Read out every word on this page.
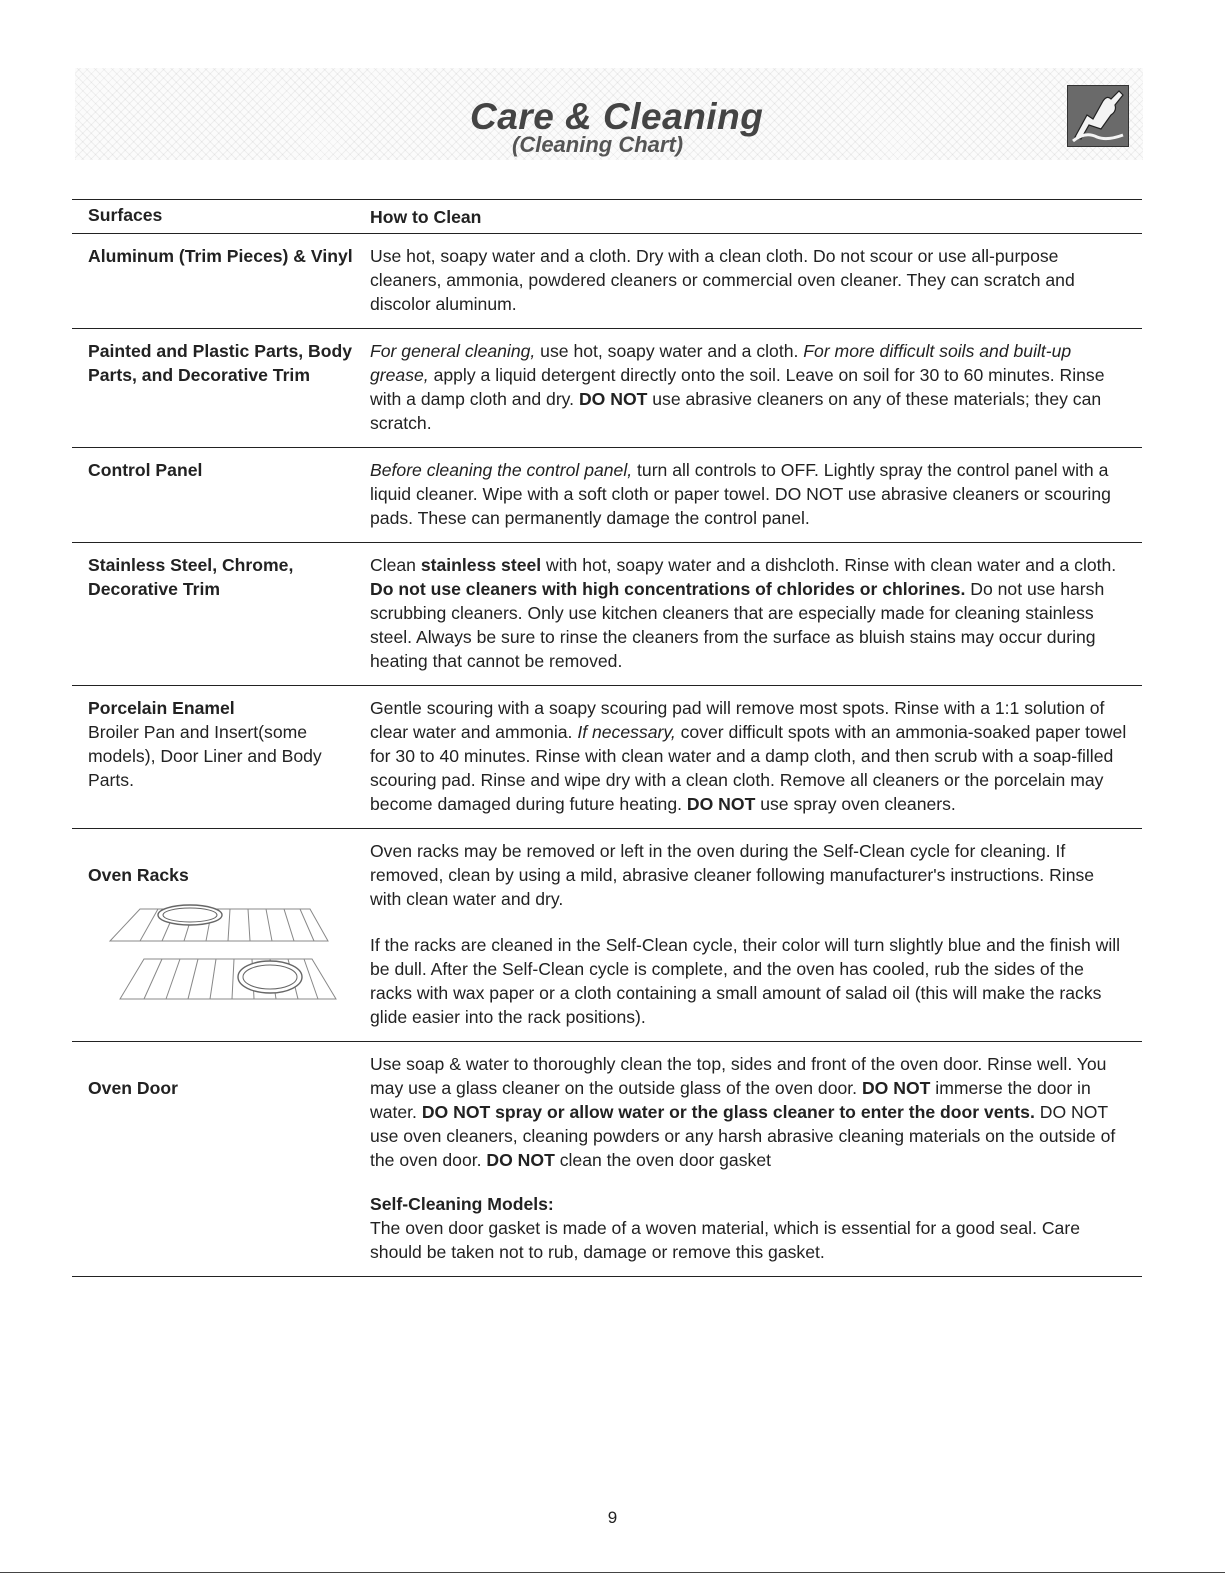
Care & Cleaning
(Cleaning Chart)
Surfaces	How to Clean
Aluminum (Trim Pieces) & Vinyl Use hot, soapy water and a cloth. Dry with a clean cloth. Do not scour or use all-purpose cleaners, ammonia, powdered cleaners or commercial oven cleaner. They can scratch and discolor aluminum.

Painted and Plastic Parts, Body Parts, and Decorative Trim

For general cleaning, use hot, soapy water and a cloth. For more difficult soils and built-up grease, apply a liquid detergent directly onto the soil. Leave on soil for 30 to 60 minutes. Rinse with a damp cloth and dry. DO NOT use abrasive cleaners on any of these materials; they can scratch.

Control Panel	Before cleaning the control panel, turn all controls to OFF. Lightly spray the control panel with a liquid cleaner. Wipe with a soft cloth or paper towel. DO NOT use abrasive cleaners or scouring pads. These can permanently damage the control panel.

Stainless Steel, Chrome, Decorative Trim

Clean stainless steel with hot, soapy water and a dishcloth. Rinse with clean water and a cloth. Do not use cleaners with high concentrations of chlorides or chlorines. Do not use harsh scrubbing cleaners. Only use kitchen cleaners that are especially made for cleaning stainless steel. Always be sure to rinse the cleaners from the surface as bluish stains may occur during heating that cannot be removed.

Porcelain Enamel
Broiler Pan and Insert(some models), Door Liner and Body Parts.

Gentle scouring with a soapy scouring pad will remove most spots. Rinse with a 1:1 solution of clear water and ammonia. If necessary, cover difficult spots with an ammonia-soaked paper towel for 30 to 40 minutes. Rinse with clean water and a damp cloth, and then scrub with a soap-filled scouring pad. Rinse and wipe dry with a clean cloth. Remove all cleaners or the porcelain may become damaged during future heating. DO NOT use spray oven cleaners.

Oven Racks

Oven racks may be removed or left in the oven during the Self-Clean cycle for cleaning. If removed, clean by using a mild, abrasive cleaner following manufacturer's instructions. Rinse with clean water and dry.

If the racks are cleaned in the Self-Clean cycle, their color will turn slightly blue and the finish will be dull. After the Self-Clean cycle is complete, and the oven has cooled, rub the sides of the racks with wax paper or a cloth containing a small amount of salad oil (this will make the racks glide easier into the rack positions).

Oven Door

Use soap & water to thoroughly clean the top, sides and front of the oven door. Rinse well. You may use a glass cleaner on the outside glass of the oven door. DO NOT immerse the door in water. DO NOT spray or allow water or the glass cleaner to enter the door vents. DO NOT use oven cleaners, cleaning powders or any harsh abrasive cleaning materials on the outside of the oven door. DO NOT clean the oven door gasket

Self-Cleaning Models:
The oven door gasket is made of a woven material, which is essential for a good seal. Care should be taken not to rub, damage or remove this gasket.

9
